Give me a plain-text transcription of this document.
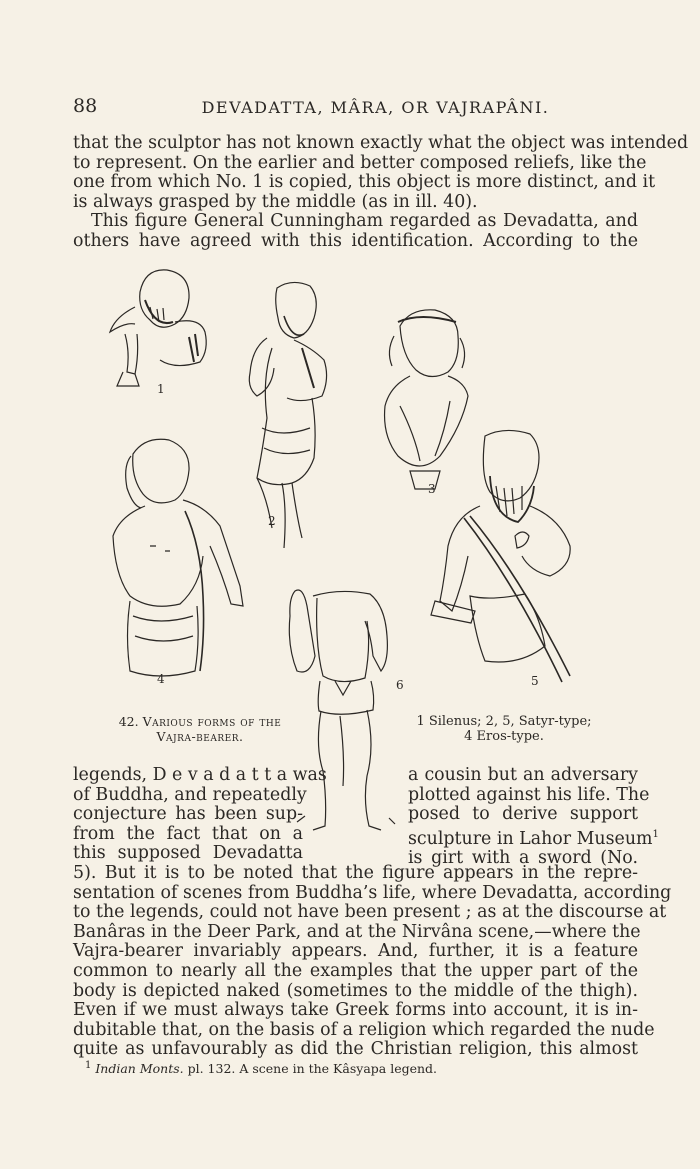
88	DEVADATTA, MÂRA, OR VAJRAPÂNI.
that the sculptor has not known exactly what the object was intended
to represent. On the earlier and better composed reliefs, like the
one from which No. 1 is copied, this object is more distinct, and it
is always grasped by the middle (as in ill. 40).
This figure General Cunningham regarded as Devadatta, and
others have agreed with this identification. According to the
1
2
3
4	5
6
42. Various forms of the
Vajra-bearer.
1 Silenus; 2, 5, Satyr-type;
4 Eros-type.
legends, D e v a d a t t a was
of Buddha, and repeatedly
conjecture has been sup-
from the fact that on a
this supposed Devadatta
a cousin but an adversary
plotted against his life. The
posed to derive support
sculpture in Lahor Museum$^1$
is girt with a sword (No.
5). But it is to be noted that the figure appears in the repre-
sentation of scenes from Buddha’s life, where Devadatta, according
to the legends, could not have been present ; as at the discourse at
Banâras in the Deer Park, and at the Nirvâna scene,—where the
Vajra-bearer invariably appears. And, further, it is a feature
common to nearly all the examples that the upper part of the
body is depicted naked (sometimes to the middle of the thigh).
Even if we must always take Greek forms into account, it is in-
dubitable that, on the basis of a religion which regarded the nude
quite as unfavourably as did the Christian religion, this almost
$^1$ Indian Monts. pl. 132. A scene in the Kâsyapa legend.
